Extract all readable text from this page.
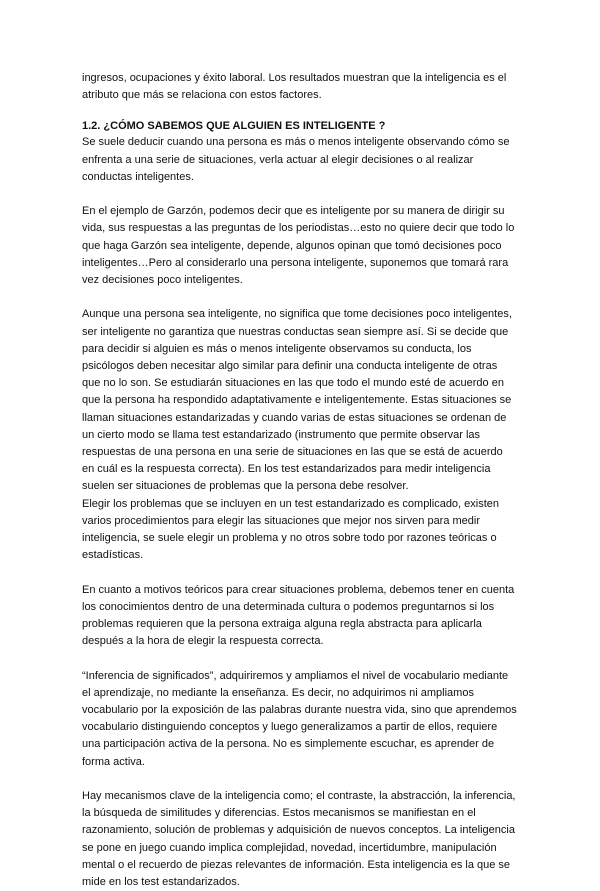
ingresos, ocupaciones y éxito laboral. Los resultados muestran que la inteligencia es el atributo que más se relaciona con estos factores.

1.2. ¿CÓMO SABEMOS QUE ALGUIEN ES INTELIGENTE ?

Se suele deducir cuando una persona es más o menos inteligente observando cómo se enfrenta a una serie de situaciones, verla actuar al elegir decisiones o al realizar conductas inteligentes.

En el ejemplo de Garzón, podemos decir que es inteligente por su manera de dirigir su vida, sus respuestas a las preguntas de los periodistas…esto no quiere decir que todo lo que haga Garzón sea inteligente, depende, algunos opinan que tomó decisiones poco inteligentes…Pero al considerarlo una persona inteligente, suponemos que tomará rara vez decisiones poco inteligentes.

Aunque una persona sea inteligente, no significa que tome decisiones poco inteligentes, ser inteligente no garantiza que nuestras conductas sean siempre así. Si se decide que para decidir si alguien es más o menos inteligente observamos su conducta, los psicólogos deben necesitar algo similar para definir una conducta inteligente de otras que no lo son. Se estudiarán situaciones en las que todo el mundo esté de acuerdo en que la persona ha respondido adaptativamente e inteligentemente. Estas situaciones se llaman situaciones estandarizadas y cuando varias de estas situaciones se ordenan de un cierto modo se llama test estandarizado (instrumento que permite observar las respuestas de una persona en una serie de situaciones en las que se está de acuerdo en cuál es la respuesta correcta). En los test estandarizados para medir inteligencia suelen ser situaciones de problemas que la persona debe resolver.

Elegir los problemas que se incluyen en un test estandarizado es complicado, existen varios procedimientos para elegir las situaciones que mejor nos sirven para medir inteligencia, se suele elegir un problema y no otros sobre todo por razones teóricas o estadísticas.

En cuanto a motivos teóricos para crear situaciones problema, debemos tener en cuenta los conocimientos dentro de una determinada cultura o podemos preguntarnos si los problemas requieren que la persona extraiga alguna regla abstracta para aplicarla después a la hora de elegir la respuesta correcta.

“Inferencia de significados”, adquiriremos y ampliamos el nivel de vocabulario mediante el aprendizaje, no mediante la enseñanza. Es decir, no adquirimos ni ampliamos vocabulario por la exposición de las palabras durante nuestra vida, sino que aprendemos vocabulario distinguiendo conceptos y luego generalizamos a partir de ellos, requiere una participación activa de la persona. No es simplemente escuchar, es aprender de forma activa.

Hay mecanismos clave de la inteligencia como; el contraste, la abstracción, la inferencia, la búsqueda de similitudes y diferencias. Estos mecanismos se manifiestan en el razonamiento, solución de problemas y adquisición de nuevos conceptos. La inteligencia se pone en juego cuando implica complejidad, novedad, incertidumbre, manipulación mental o el recuerdo de piezas relevantes de información. Esta inteligencia es la que se mide en los test estandarizados.
